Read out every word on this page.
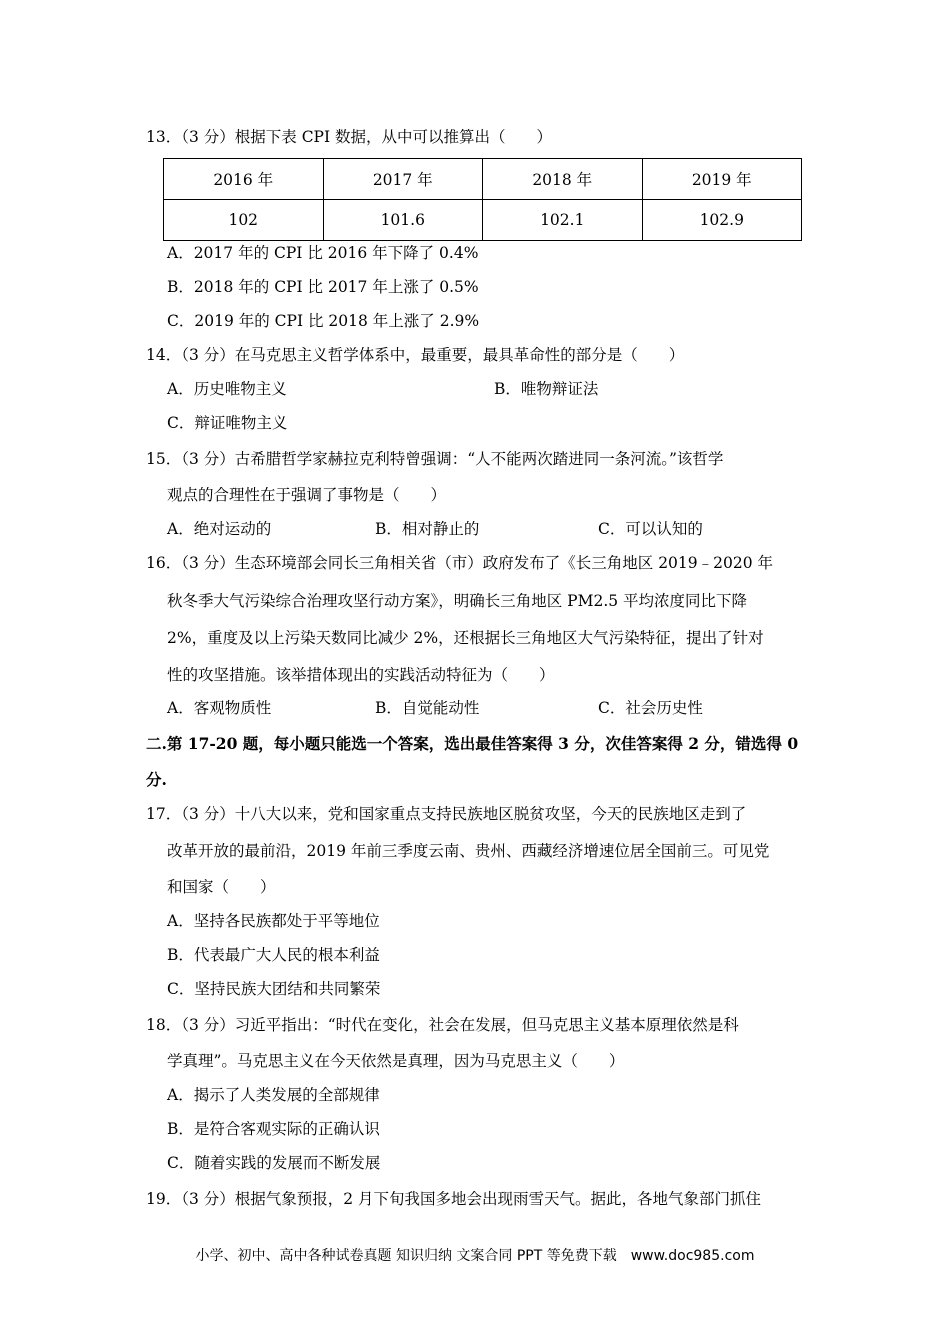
13．（3 分）根据下表 CPI 数据，从中可以推算出（　　）
2016 年	2017 年	2018 年	2019 年
102	101.6	102.1	102.9
A．2017 年的 CPI 比 2016 年下降了 0.4%
B．2018 年的 CPI 比 2017 年上涨了 0.5%
C．2019 年的 CPI 比 2018 年上涨了 2.9%
14．（3 分）在马克思主义哲学体系中，最重要，最具革命性的部分是（　　）
A．历史唯物主义	B．唯物辩证法
C．辩证唯物主义
15．（3 分）古希腊哲学家赫拉克利特曾强调：“人不能两次踏进同一条河流。”该哲学
观点的合理性在于强调了事物是（　　）
A．绝对运动的	B．相对静止的	C．可以认知的
16．（3 分）生态环境部会同长三角相关省（市）政府发布了《长三角地区 2019﹣2020 年
秋冬季大气污染综合治理攻坚行动方案》，明确长三角地区 PM2.5 平均浓度同比下降
2%，重度及以上污染天数同比减少 2%，还根据长三角地区大气污染特征，提出了针对
性的攻坚措施。该举措体现出的实践活动特征为（　　）
A．客观物质性	B．自觉能动性	C．社会历史性
二.第 17-20 题，每小题只能选一个答案，选出最佳答案得 3 分，次佳答案得 2 分，错选得 0
分.
17．（3 分）十八大以来，党和国家重点支持民族地区脱贫攻坚，今天的民族地区走到了
改革开放的最前沿，2019 年前三季度云南、贵州、西藏经济增速位居全国前三。可见党
和国家（　　）
A．坚持各民族都处于平等地位
B．代表最广大人民的根本利益
C．坚持民族大团结和共同繁荣
18．（3 分）习近平指出：“时代在变化，社会在发展，但马克思主义基本原理依然是科
学真理”。马克思主义在今天依然是真理，因为马克思主义（　　）
A．揭示了人类发展的全部规律
B．是符合客观实际的正确认识
C．随着实践的发展而不断发展
19．（3 分）根据气象预报，2 月下旬我国多地会出现雨雪天气。据此，各地气象部门抓住
小学、初中、高中各种试卷真题 知识归纳 文案合同 PPT 等免费下载　www.doc985.com
